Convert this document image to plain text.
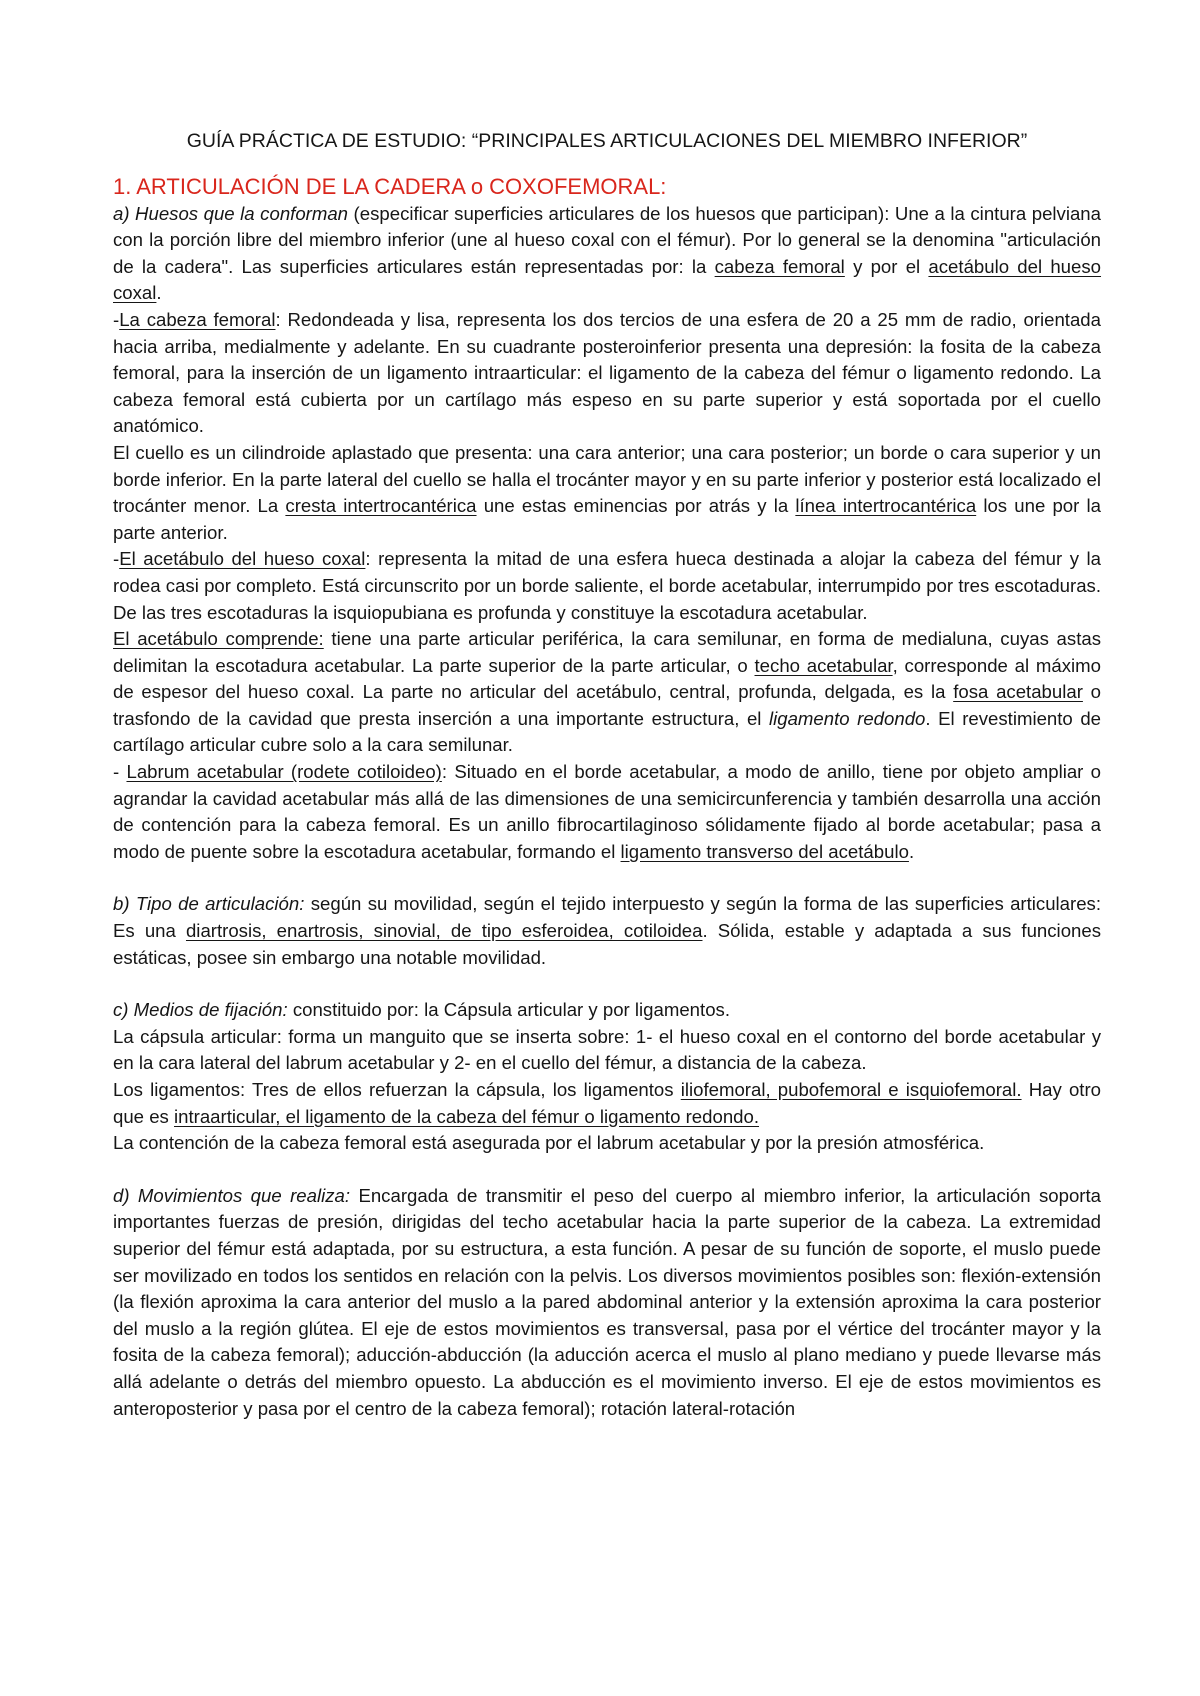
GUÍA PRÁCTICA DE ESTUDIO: “PRINCIPALES ARTICULACIONES DEL MIEMBRO INFERIOR”
1. ARTICULACIÓN DE LA CADERA o COXOFEMORAL:

a) Huesos que la conforman (especificar superficies articulares de los huesos que participan): Une a la cintura pelviana con la porción libre del miembro inferior (une al hueso coxal con el fémur). Por lo general se la denomina "articulación de la cadera". Las superficies articulares están representadas por: la cabeza femoral y por el acetábulo del hueso coxal.

-La cabeza femoral: Redondeada y lisa, representa los dos tercios de una esfera de 20 a 25 mm de radio, orientada hacia arriba, medialmente y adelante. En su cuadrante posteroinferior presenta una depresión: la fosita de la cabeza femoral, para la inserción de un ligamento intraarticular: el ligamento de la cabeza del fémur o ligamento redondo. La cabeza femoral está cubierta por un cartílago más espeso en su parte superior y está soportada por el cuello anatómico.

El cuello es un cilindroide aplastado que presenta: una cara anterior; una cara posterior; un borde o cara superior y un borde inferior. En la parte lateral del cuello se halla el trocánter mayor y en su parte inferior y posterior está localizado el trocánter menor. La cresta intertrocantérica une estas eminencias por atrás y la línea intertrocantérica los une por la parte anterior.

-El acetábulo del hueso coxal: representa la mitad de una esfera hueca destinada a alojar la cabeza del fémur y la rodea casi por completo. Está circunscrito por un borde saliente, el borde acetabular, interrumpido por tres escotaduras. De las tres escotaduras la isquiopubiana es profunda y constituye la escotadura acetabular.

El acetábulo comprende: tiene una parte articular periférica, la cara semilunar, en forma de medialuna, cuyas astas delimitan la escotadura acetabular. La parte superior de la parte articular, o techo acetabular, corresponde al máximo de espesor del hueso coxal. La parte no articular del acetábulo, central, profunda, delgada, es la fosa acetabular o trasfondo de la cavidad que presta inserción a una importante estructura, el ligamento redondo. El revestimiento de cartílago articular cubre solo a la cara semilunar.

- Labrum acetabular (rodete cotiloideo): Situado en el borde acetabular, a modo de anillo, tiene por objeto ampliar o agrandar la cavidad acetabular más allá de las dimensiones de una semicircunferencia y también desarrolla una acción de contención para la cabeza femoral. Es un anillo fibrocartilaginoso sólidamente fijado al borde acetabular; pasa a modo de puente sobre la escotadura acetabular, formando el ligamento transverso del acetábulo.

b) Tipo de articulación: según su movilidad, según el tejido interpuesto y según la forma de las superficies articulares: Es una diartrosis, enartrosis, sinovial, de tipo esferoidea, cotiloidea. Sólida, estable y adaptada a sus funciones estáticas, posee sin embargo una notable movilidad.

c) Medios de fijación: constituido por: la Cápsula articular y por ligamentos.

La cápsula articular: forma un manguito que se inserta sobre: 1- el hueso coxal en el contorno del borde acetabular y en la cara lateral del labrum acetabular y 2- en el cuello del fémur, a distancia de la cabeza.

Los ligamentos: Tres de ellos refuerzan la cápsula, los ligamentos iliofemoral, pubofemoral e isquiofemoral. Hay otro que es intraarticular, el ligamento de la cabeza del fémur o ligamento redondo.

La contención de la cabeza femoral está asegurada por el labrum acetabular y por la presión atmosférica.

d) Movimientos que realiza: Encargada de transmitir el peso del cuerpo al miembro inferior, la articulación soporta importantes fuerzas de presión, dirigidas del techo acetabular hacia la parte superior de la cabeza. La extremidad superior del fémur está adaptada, por su estructura, a esta función. A pesar de su función de soporte, el muslo puede ser movilizado en todos los sentidos en relación con la pelvis. Los diversos movimientos posibles son: flexión-extensión (la flexión aproxima la cara anterior del muslo a la pared abdominal anterior y la extensión aproxima la cara posterior del muslo a la región glútea. El eje de estos movimientos es transversal, pasa por el vértice del trocánter mayor y la fosita de la cabeza femoral); aducción-abducción (la aducción acerca el muslo al plano mediano y puede llevarse más allá adelante o detrás del miembro opuesto. La abducción es el movimiento inverso. El eje de estos movimientos es anteroposterior y pasa por el centro de la cabeza femoral); rotación lateral-rotación
